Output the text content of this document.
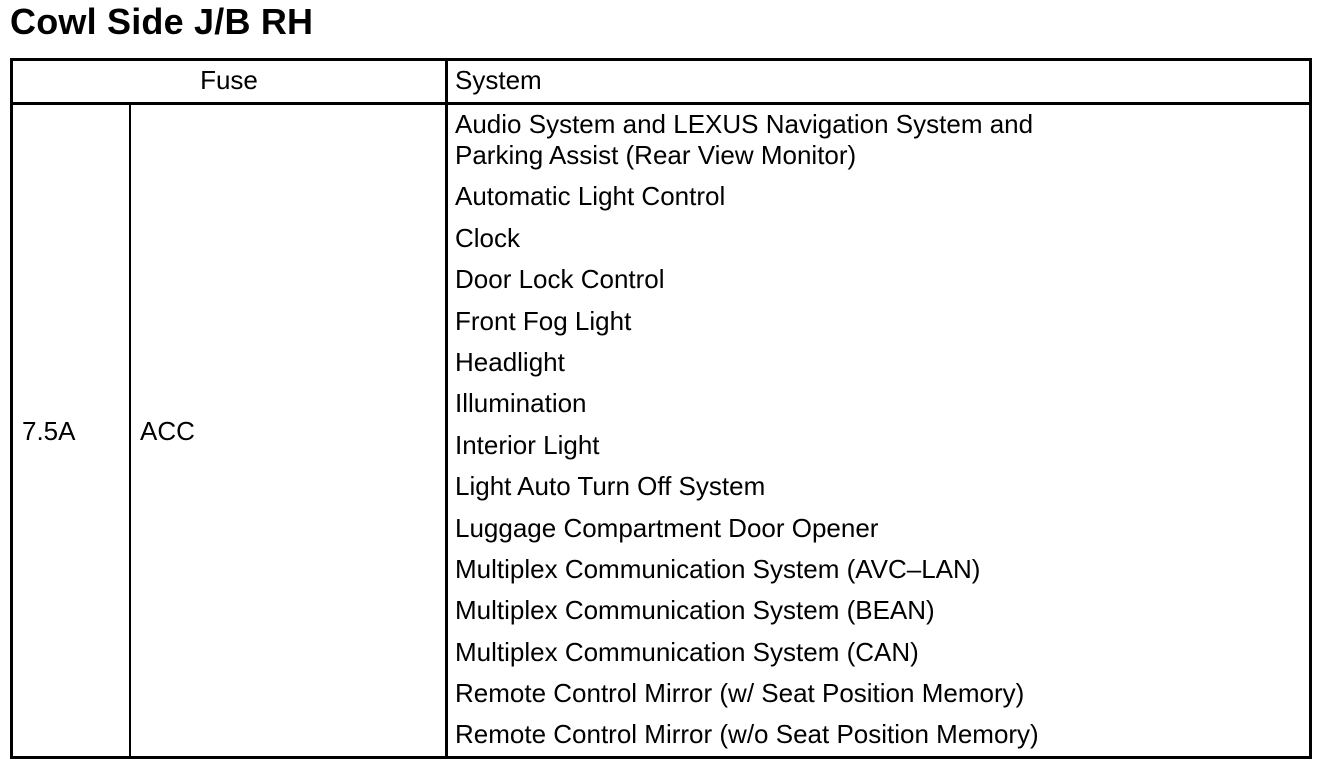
Cowl Side J/B RH
Fuse	System
7.5A ACC
Audio System and LEXUS Navigation System and
Parking Assist (Rear View Monitor)
Automatic Light Control
Clock
Door Lock Control
Front Fog Light
Headlight
Illumination
Interior Light
Light Auto Turn Off System
Luggage Compartment Door Opener
Multiplex Communication System (AVC–LAN)
Multiplex Communication System (BEAN)
Multiplex Communication System (CAN)
Remote Control Mirror (w/ Seat Position Memory)
Remote Control Mirror (w/o Seat Position Memory)
